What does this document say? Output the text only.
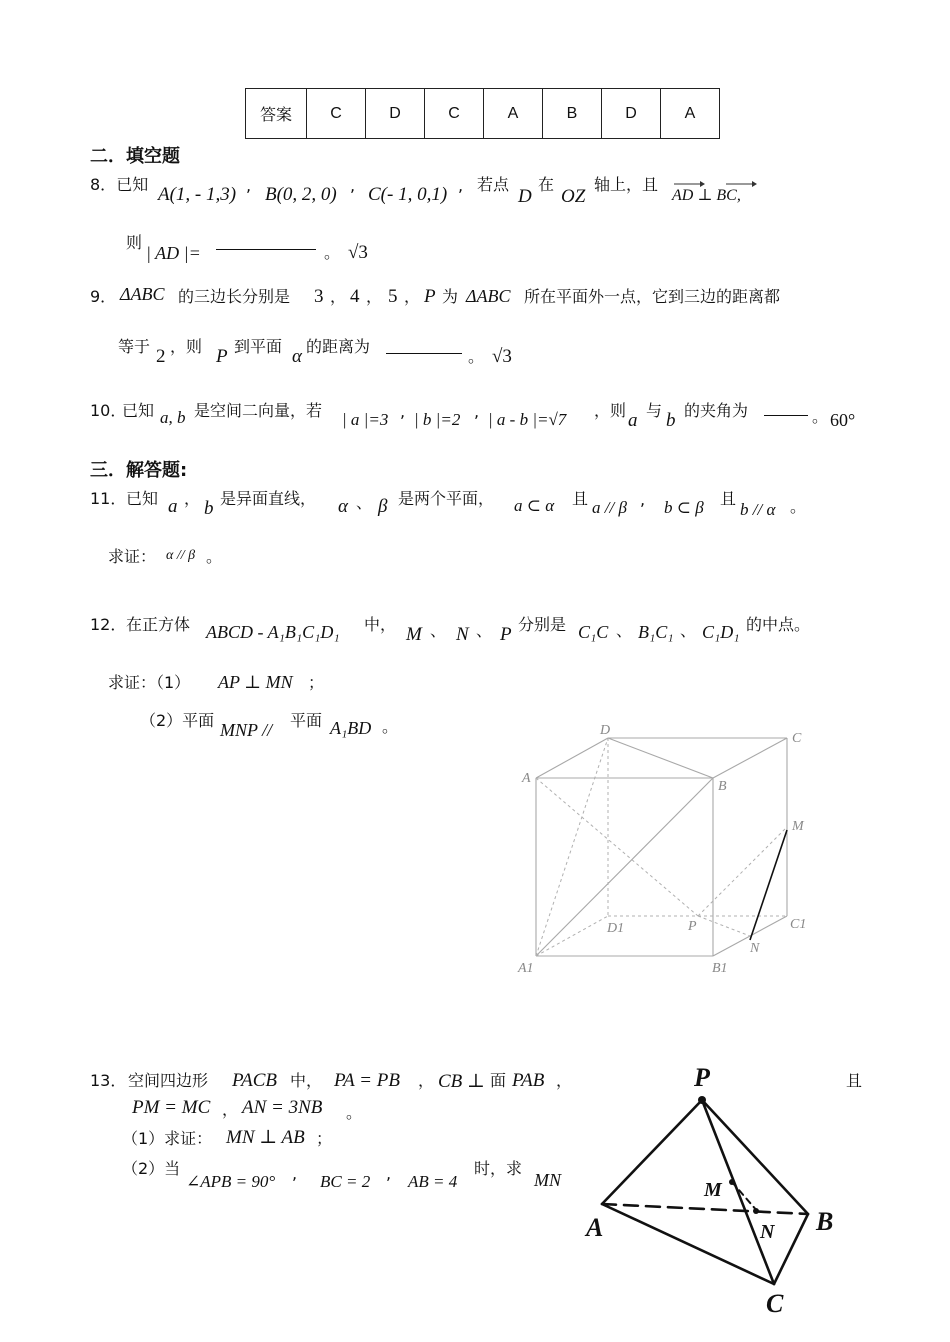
答案	C	D	C	A	B	D	A
二．填空题
8．已知 A(1, - 1,3) , B(0, 2, 0) , C(- 1, 0,1) , 若点
D
在
OZ
轴上，且
AD ⊥ BC,
则
| AD |=	。 √3
9． ΔABC 的三边长分别是 3 ， 4 ， 5 ， P 为 ΔABC 所在平面外一点，它到三边的距离都
等于 2 ，则 P 到平面 α 的距离为
。 √3
10．
已知 a, b 是空间二向量，若 | a |=3 , | b |=2 , | a - b |=√7 ，则 a 与 b 的夹角为	。 60°
三．解答题:
11． 已知 a ， b 是异面直线， α 、 β 是两个平面， a ⊂ α 且 a // β , b ⊂ β 且
b // α 。
求证： α // β 。
12． 在正方体 ABCD - A₁B₁C₁D₁ 中， M 、 N 、 P 分别是 C₁C 、 B₁C₁ 、 C₁D₁ 的中点。
求证：（1） AP ⊥ MN ；
（2）平面 MNP // 平面 A₁BD 。	D
C
A
B
M
D1	P	C1
N
A1	B1
13． 空间四边形 PACB 中， PA = PB ， CB ⊥ 面 PAB ，	且
PM = MC ， AN = 3NB 。
（1）求证： MN ⊥ AB ；
（2）当
∠APB = 90° , BC = 2 , AB = 4
时，求
MN
P
A	B
C
M
N
